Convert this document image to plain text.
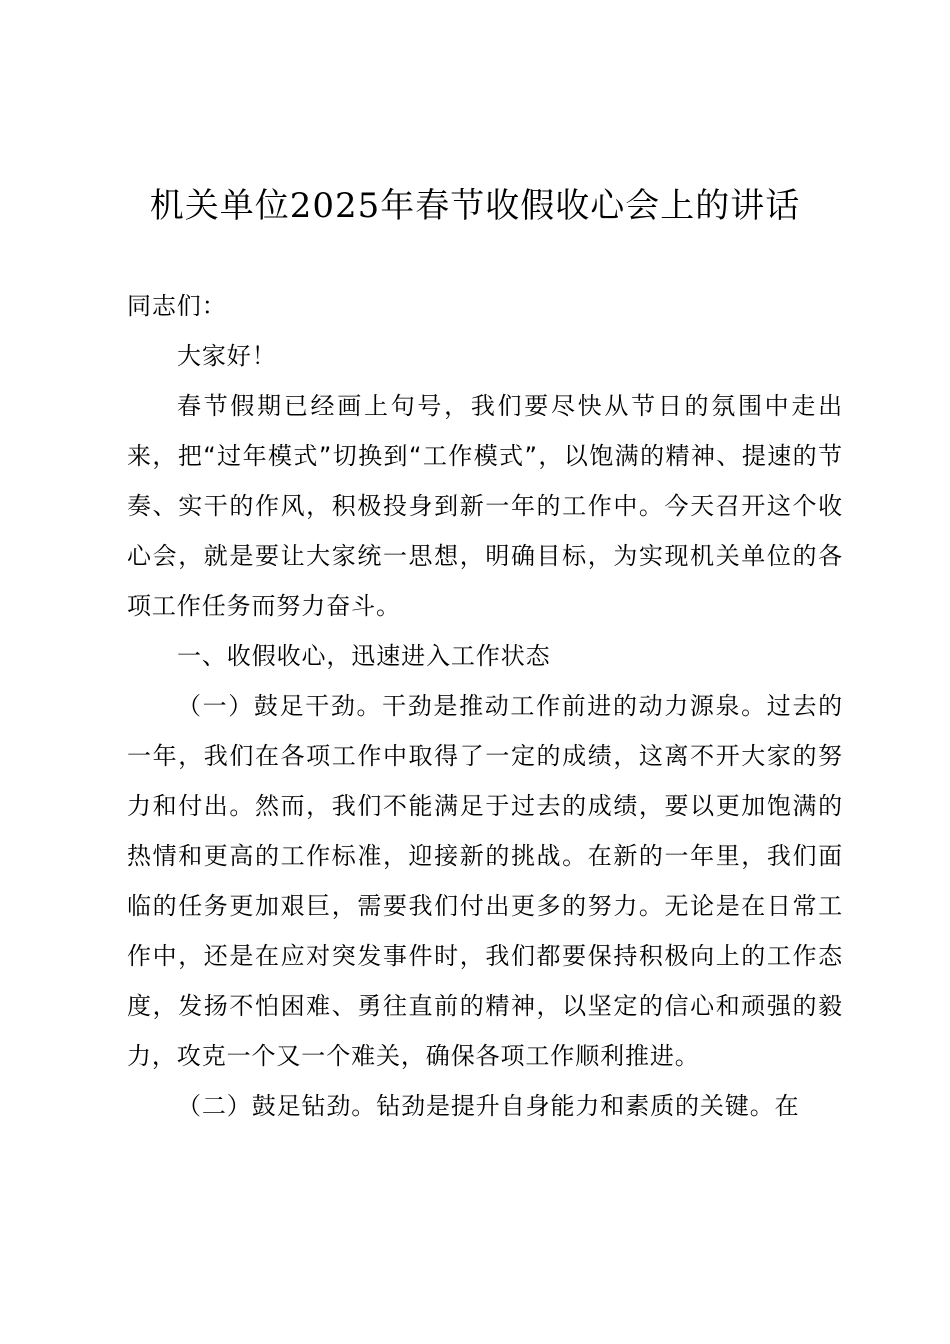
机关单位2025年春节收假收心会上的讲话

同志们：

大家好！

春节假期已经画上句号，我们要尽快从节日的氛围中走出来，把“过年模式”切换到“工作模式”，以饱满的精神、提速的节奏、实干的作风，积极投身到新一年的工作中。今天召开这个收心会，就是要让大家统一思想，明确目标，为实现机关单位的各项工作任务而努力奋斗。

一、收假收心，迅速进入工作状态

（一）鼓足干劲。干劲是推动工作前进的动力源泉。过去的一年，我们在各项工作中取得了一定的成绩，这离不开大家的努力和付出。然而，我们不能满足于过去的成绩，要以更加饱满的热情和更高的工作标准，迎接新的挑战。在新的一年里，我们面临的任务更加艰巨，需要我们付出更多的努力。无论是在日常工作中，还是在应对突发事件时，我们都要保持积极向上的工作态度，发扬不怕困难、勇往直前的精神，以坚定的信心和顽强的毅力，攻克一个又一个难关，确保各项工作顺利推进。

（二）鼓足钻劲。钻劲是提升自身能力和素质的关键。在
